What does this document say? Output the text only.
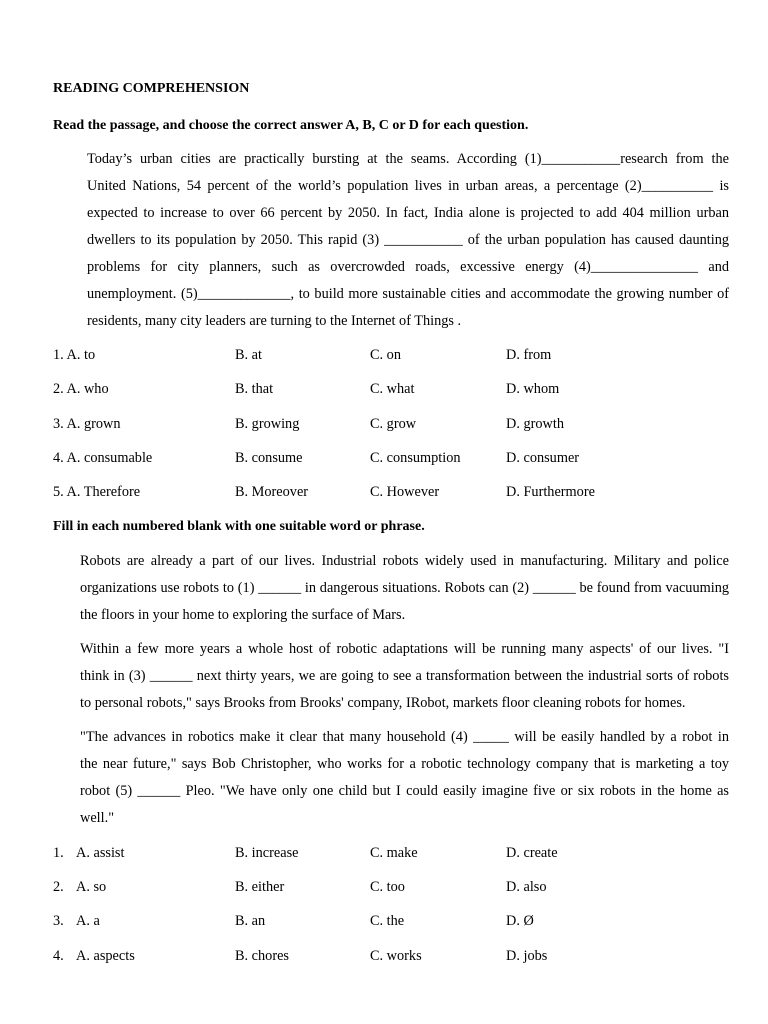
READING COMPREHENSION

Read the passage, and choose the correct answer A, B, C or D for each question.

Today’s urban cities are practically bursting at the seams. According (1)___________research from the
United Nations, 54 percent of the world’s population lives in urban areas, a percentage (2)__________ is
expected to increase to over 66 percent by 2050. In fact, India alone is projected to add 404 million urban
dwellers to its population by 2050. This rapid (3) ___________ of the urban population has caused daunting
problems for city planners, such as overcrowded roads, excessive energy (4)_______________ and
unemployment. (5)_____________, to build more sustainable cities and accommodate the growing number of
residents, many city leaders are turning to the Internet of Things .

1. A. to	B. at	C. on	D. from
2. A. who	B. that	C. what	D. whom
3. A. grown	B. growing	C. grow	D. growth
4. A. consumable	B. consume	C. consumption	D. consumer
5. A. Therefore	B. Moreover	C. However	D. Furthermore

Fill in each numbered blank with one suitable word or phrase.

Robots are already a part of our lives. Industrial robots widely used in manufacturing. Military and police
organizations use robots to (1) ______ in dangerous situations. Robots can (2) ______ be found from vacuuming
the floors in your home to exploring the surface of Mars.

Within a few more years a whole host of robotic adaptations will be running many aspects' of our lives. "I
think in (3) ______ next thirty years, we are going to see a transformation between the industrial sorts of robots
to personal robots," says Brooks from Brooks' company, IRobot, markets floor cleaning robots for homes.

"The advances in robotics make it clear that many household (4) _____ will be easily handled by a robot in
the near future," says Bob Christopher, who works for a robotic technology company that is marketing a toy
robot (5) ______ Pleo. "We have only one child but I could easily imagine five or six robots in the home as
well."

1. A. assist	B. increase	C. make	D. create
2. A. so	B. either	C. too	D. also
3. A. a	B. an	C. the	D. Ø
4. A. aspects	B. chores	C. works	D. jobs
